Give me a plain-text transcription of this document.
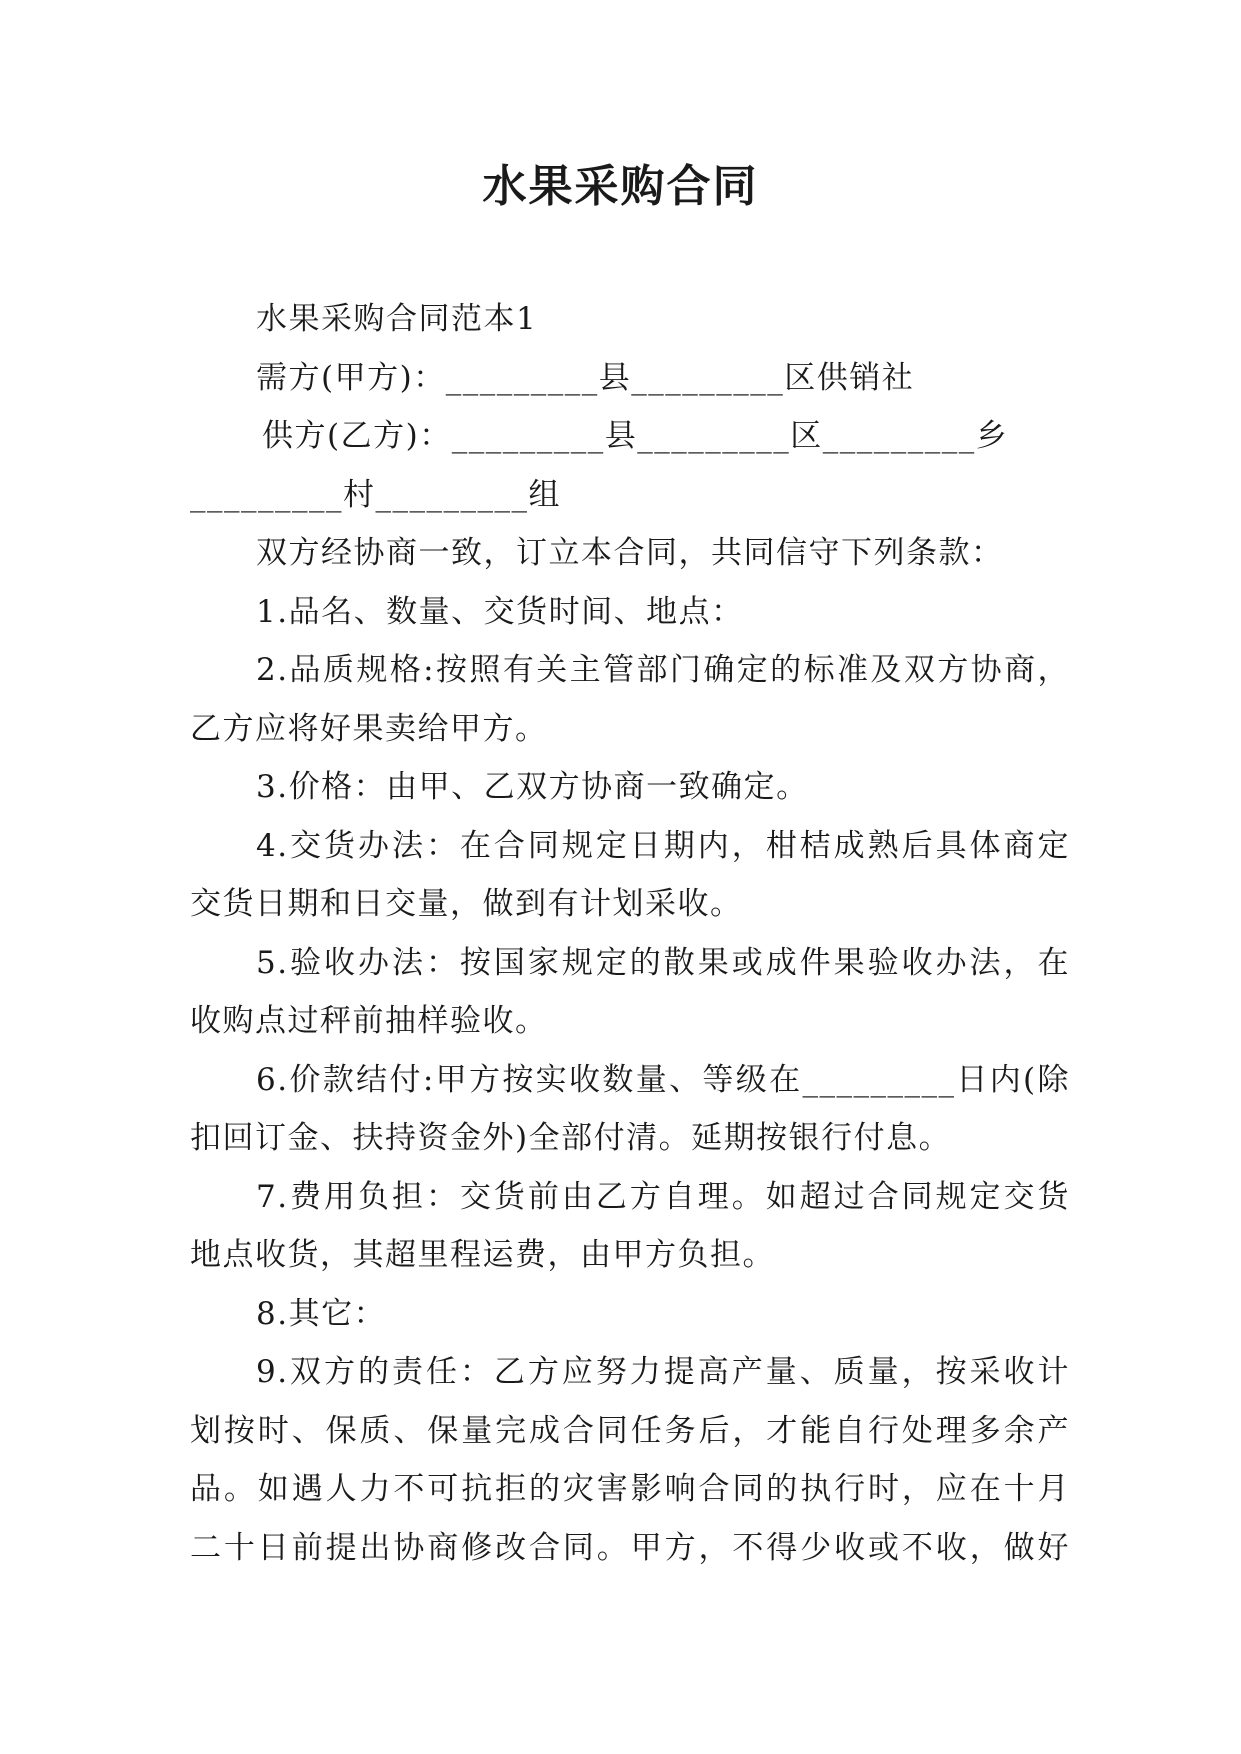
水果采购合同
水果采购合同范本1
需方(甲方)：_________县_________区供销社
供方(乙方)：_________县_________区_________乡
_________村_________组
双方经协商一致，订立本合同，共同信守下列条款：
1.品名、数量、交货时间、地点：
2.品质规格:按照有关主管部门确定的标准及双方协商，
乙方应将好果卖给甲方。
3.价格：由甲、乙双方协商一致确定。
4.交货办法：在合同规定日期内，柑桔成熟后具体商定
交货日期和日交量，做到有计划采收。
5.验收办法：按国家规定的散果或成件果验收办法，在
收购点过秤前抽样验收。
6.价款结付:甲方按实收数量、等级在_________日内(除
扣回订金、扶持资金外)全部付清。延期按银行付息。
7.费用负担：交货前由乙方自理。如超过合同规定交货
地点收货，其超里程运费，由甲方负担。
8.其它：
9.双方的责任：乙方应努力提高产量、质量，按采收计
划按时、保质、保量完成合同任务后，才能自行处理多余产
品。如遇人力不可抗拒的灾害影响合同的执行时，应在十月
二十日前提出协商修改合同。甲方，不得少收或不收，做好
